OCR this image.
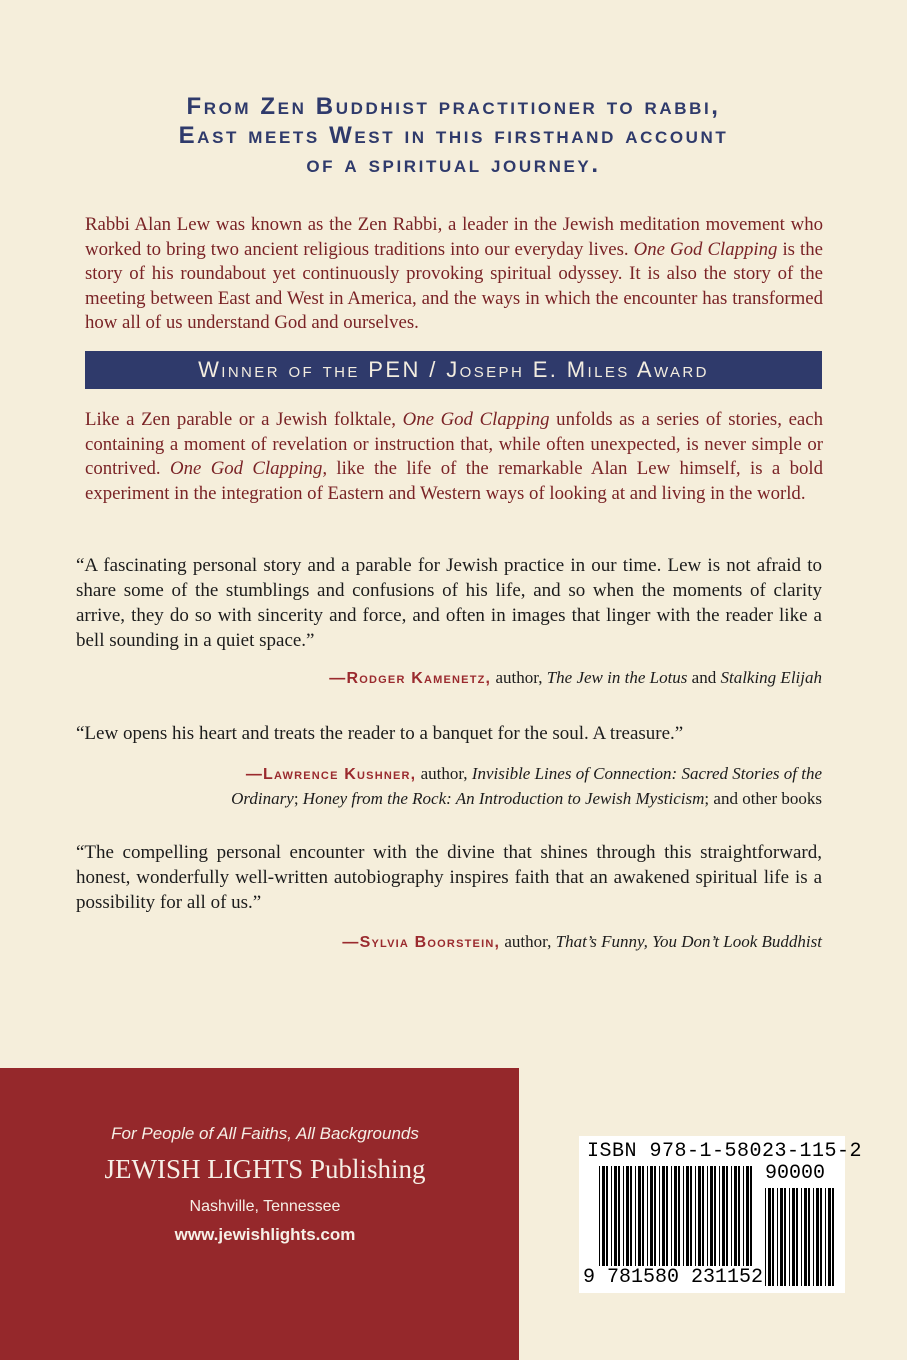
From Zen Buddhist practitioner to rabbi,
East meets West in this firsthand account
of a spiritual journey.

Rabbi Alan Lew was known as the Zen Rabbi, a leader in the Jewish meditation movement who worked to bring two ancient religious traditions into our everyday lives. One God Clapping is the story of his roundabout yet continuously provoking spiritual odyssey. It is also the story of the meeting between East and West in America, and the ways in which the encounter has transformed how all of us understand God and ourselves.

Winner of the PEN / Joseph E. Miles Award

Like a Zen parable or a Jewish folktale, One God Clapping unfolds as a series of stories, each containing a moment of revelation or instruction that, while often unexpected, is never simple or contrived. One God Clapping, like the life of the remarkable Alan Lew himself, is a bold experiment in the integration of Eastern and Western ways of looking at and living in the world.

“A fascinating personal story and a parable for Jewish practice in our time. Lew is not afraid to share some of the stumblings and confusions of his life, and so when the moments of clarity arrive, they do so with sincerity and force, and often in images that linger with the reader like a bell sounding in a quiet space.”

—Rodger Kamenetz, author, The Jew in the Lotus and Stalking Elijah

“Lew opens his heart and treats the reader to a banquet for the soul. A treasure.”

—Lawrence Kushner, author, Invisible Lines of Connection: Sacred Stories of the
Ordinary; Honey from the Rock: An Introduction to Jewish Mysticism; and other books

“The compelling personal encounter with the divine that shines through this straightforward, honest, wonderfully well-written autobiography inspires faith that an awakened spiritual life is a possibility for all of us.”

—Sylvia Boorstein, author, That’s Funny, You Don’t Look Buddhist
For People of All Faiths, All Backgrounds
JEWISH LIGHTS Publishing
Nashville, Tennessee
www.jewishlights.com
ISBN 978-1-58023-115-2
90000
9 781580 231152
